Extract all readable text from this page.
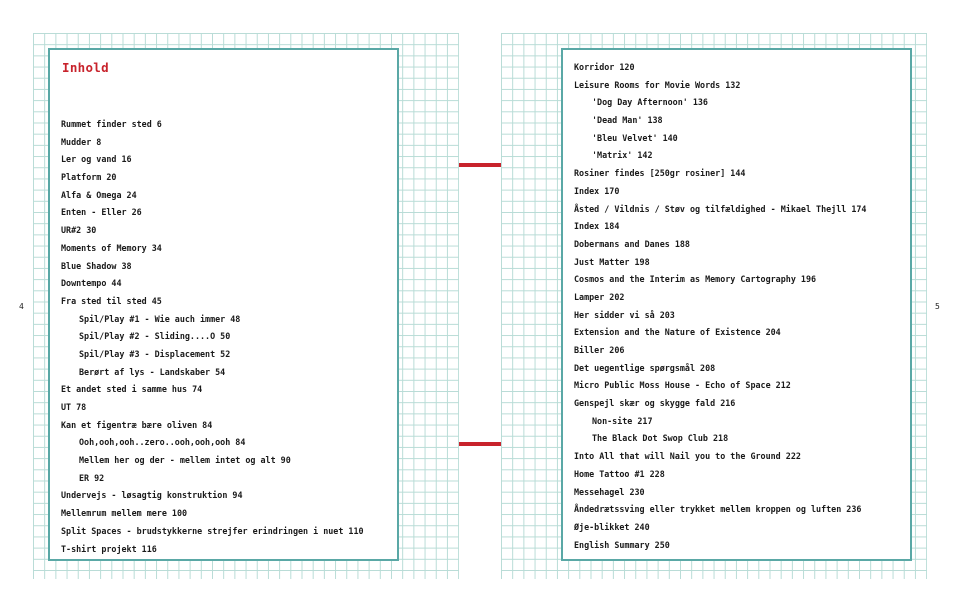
4	5
Inhold
Rummet finder sted 6
Mudder 8
Ler og vand 16
Platform 20
Alfa & Omega 24
Enten - Eller 26
UR#2 30
Moments of Memory 34
Blue Shadow 38
Downtempo 44
Fra sted til sted 45
Spil/Play #1 - Wie auch immer 48
Spil/Play #2 - Sliding....O 50
Spil/Play #3 - Displacement 52
Berørt af lys - Landskaber 54
Et andet sted i samme hus 74
UT 78
Kan et figentræ bære oliven 84
Ooh,ooh,ooh..zero..ooh,ooh,ooh 84
Mellem her og der - mellem intet og alt 90
ER 92
Undervejs - løsagtig konstruktion 94
Mellemrum mellem mere 100
Split Spaces - brudstykkerne strejfer erindringen i nuet 110
T-shirt projekt 116
Korridor 120
Leisure Rooms for Movie Words 132
'Dog Day Afternoon' 136
'Dead Man' 138
'Bleu Velvet' 140
'Matrix' 142
Rosiner findes [250gr rosiner] 144
Index 170
Åsted / Vildnis / Støv og tilfældighed - Mikael Thejll 174
Index 184
Dobermans and Danes 188
Just Matter 198
Cosmos and the Interim as Memory Cartography 196
Lamper 202
Her sidder vi så 203
Extension and the Nature of Existence 204
Biller 206
Det uegentlige spørgsmål 208
Micro Public Moss House - Echo of Space 212
Genspejl skær og skygge fald 216
Non-site 217
The Black Dot Swop Club 218
Into All that will Nail you to the Ground 222
Home Tattoo #1 228
Messehagel 230
Åndedrætssving eller trykket mellem kroppen og luften 236
Øje-blikket 240
English Summary 250
